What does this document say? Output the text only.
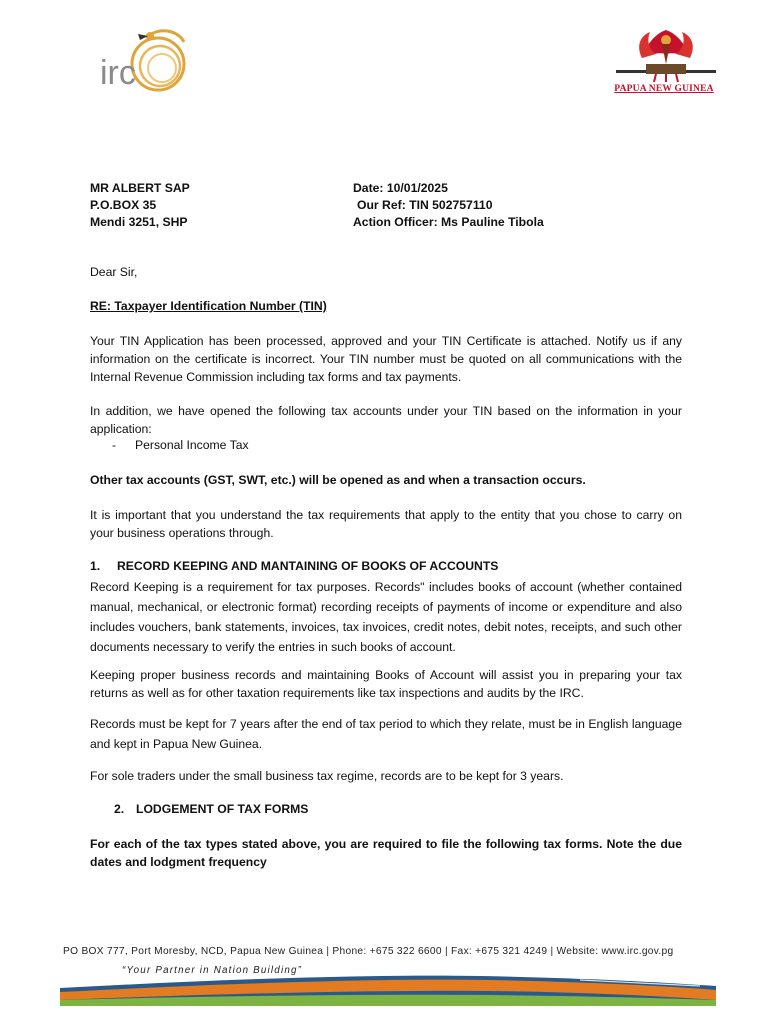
irc	PAPUA NEW GUINEA
MR ALBERT SAP
P.O.BOX 35
Mendi 3251, SHP
Date: 10/01/2025
Our Ref: TIN 502757110
Action Officer: Ms Pauline Tibola
Dear Sir,
RE: Taxpayer Identification Number (TIN)
Your TIN Application has been processed, approved and your TIN Certificate is attached. Notify us if any information on the certificate is incorrect. Your TIN number must be quoted on all communications with the Internal Revenue Commission including tax forms and tax payments.
In addition, we have opened the following tax accounts under your TIN based on the information in your application:
- Personal Income Tax
Other tax accounts (GST, SWT, etc.) will be opened as and when a transaction occurs.
It is important that you understand the tax requirements that apply to the entity that you chose to carry on your business operations through.
1. RECORD KEEPING AND MANTAINING OF BOOKS OF ACCOUNTS
Record Keeping is a requirement for tax purposes. Records" includes books of account (whether contained manual, mechanical, or electronic format) recording receipts of payments of income or expenditure and also includes vouchers, bank statements, invoices, tax invoices, credit notes, debit notes, receipts, and such other documents necessary to verify the entries in such books of account.
Keeping proper business records and maintaining Books of Account will assist you in preparing your tax returns as well as for other taxation requirements like tax inspections and audits by the IRC.
Records must be kept for 7 years after the end of tax period to which they relate, must be in English language and kept in Papua New Guinea.
For sole traders under the small business tax regime, records are to be kept for 3 years.
2. LODGEMENT OF TAX FORMS
For each of the tax types stated above, you are required to file the following tax forms. Note the due dates and lodgment frequency
PO BOX 777, Port Moresby, NCD, Papua New Guinea | Phone: +675 322 6600 | Fax: +675 321 4249 | Website: www.irc.gov.pg
“Your Partner in Nation Building”
